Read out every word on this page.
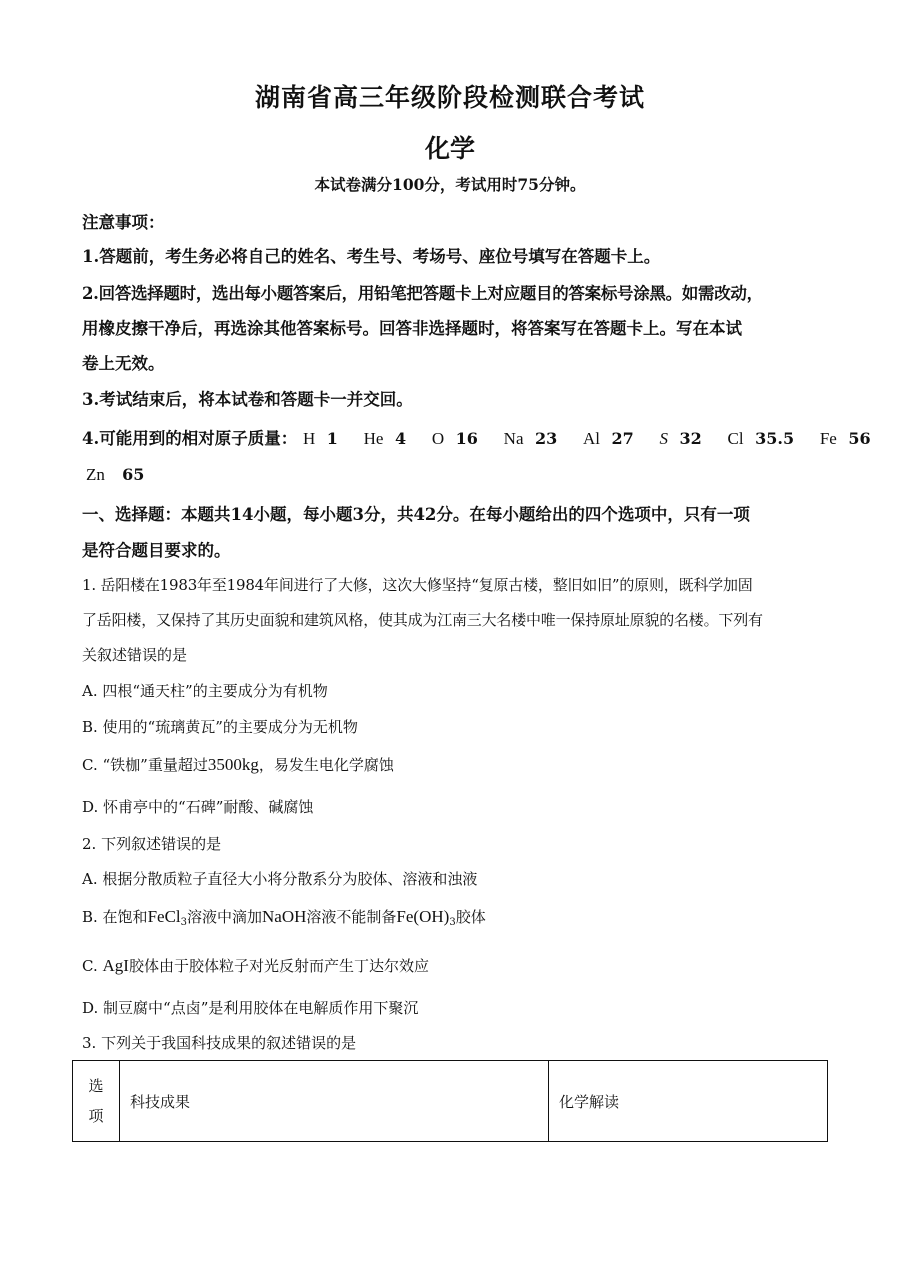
湖南省高三年级阶段检测联合考试
化学
本试卷满分100分，考试用时75分钟。
注意事项：
1.答题前，考生务必将自己的姓名、考生号、考场号、座位号填写在答题卡上。
2.回答选择题时，选出每小题答案后，用铅笔把答题卡上对应题目的答案标号涂黑。如需改动，
用橡皮擦干净后，再选涂其他答案标号。回答非选择题时，将答案写在答题卡上。写在本试
卷上无效。
3.考试结束后，将本试卷和答题卡一并交回。
4.可能用到的相对原子质量： H 1 He 4 O 16 Na 23 Al 27 S 32 Cl 35.5 Fe 56
Zn 65
一、选择题：本题共14小题，每小题3分，共42分。在每小题给出的四个选项中，只有一项
是符合题目要求的。
1. 岳阳楼在1983年至1984年间进行了大修，这次大修坚持“复原古楼，整旧如旧”的原则，既科学加固
了岳阳楼，又保持了其历史面貌和建筑风格，使其成为江南三大名楼中唯一保持原址原貌的名楼。下列有
关叙述错误的是
A. 四根“通天柱”的主要成分为有机物
B. 使用的“琉璃黄瓦”的主要成分为无机物
C. “铁枷”重量超过3500kg，易发生电化学腐蚀
D. 怀甫亭中的“石碑”耐酸、碱腐蚀
2. 下列叙述错误的是
A. 根据分散质粒子直径大小将分散系分为胶体、溶液和浊液
B. 在饱和FeCl$_3$溶液中滴加NaOH溶液不能制备$Fe(OH)_3$胶体
C. AgI胶体由于胶体粒子对光反射而产生丁达尔效应
D. 制豆腐中“点卤”是利用胶体在电解质作用下聚沉
3. 下列关于我国科技成果的叙述错误的是
选
项
	科技成果	化学解读
